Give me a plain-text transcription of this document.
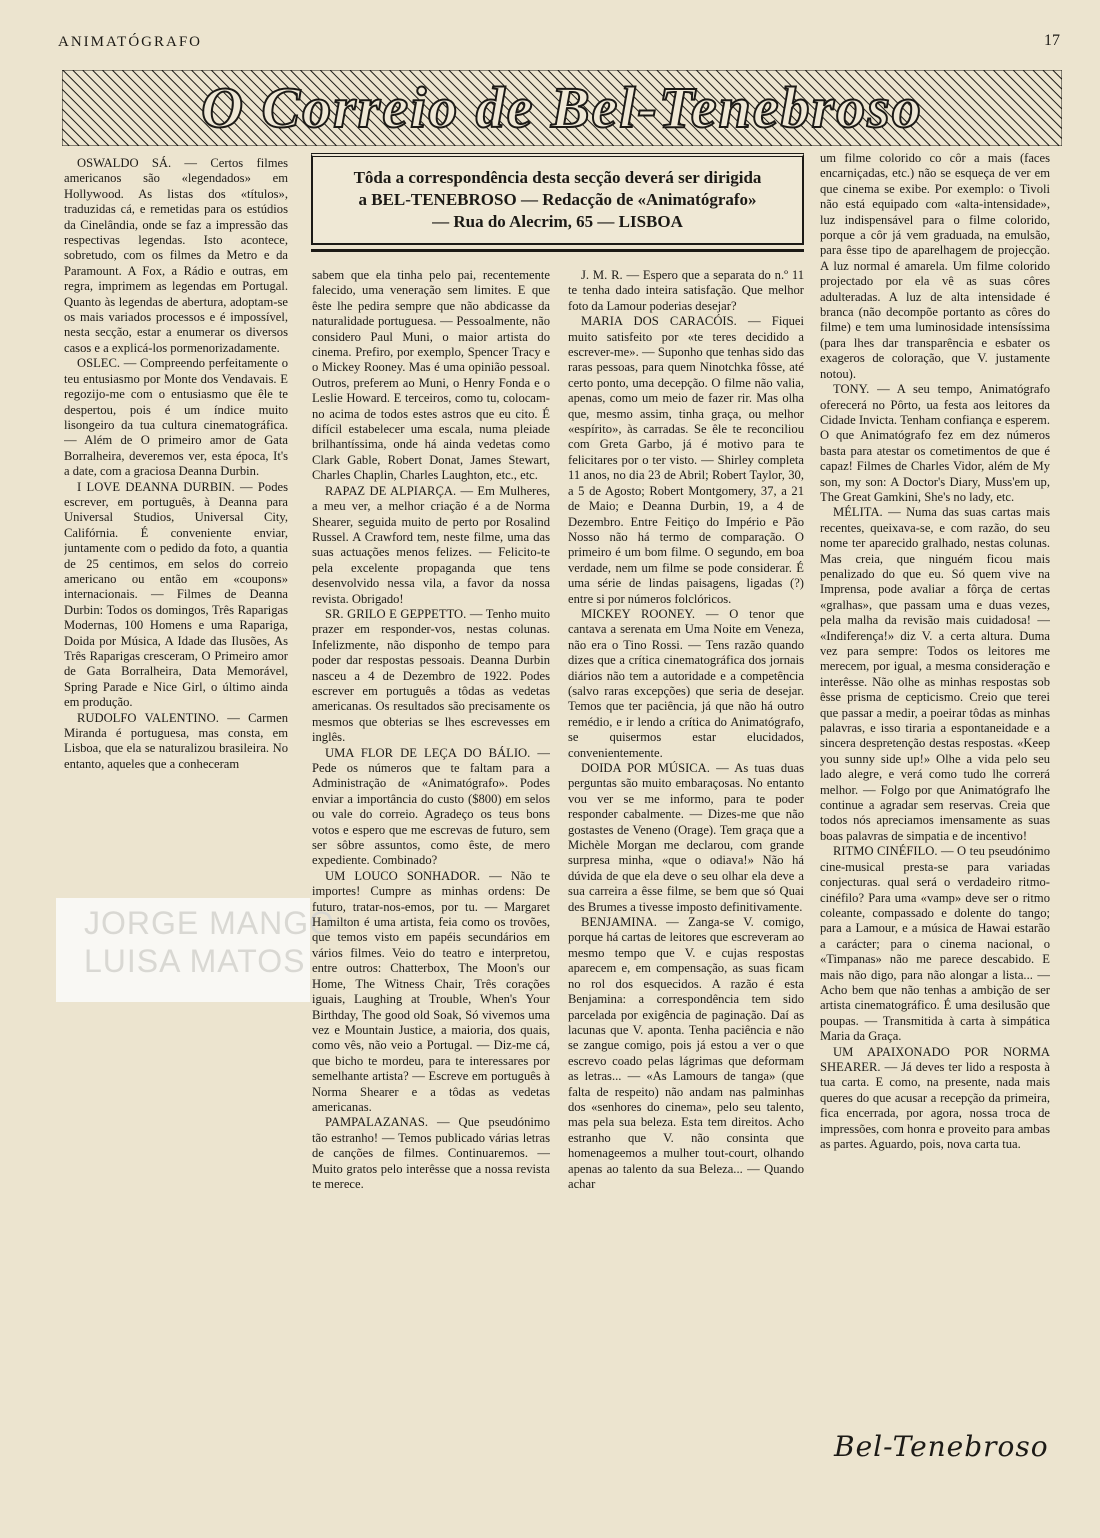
ANIMATÓGRAFO	17
O Correio de Bel-Tenebroso
Tôda a correspondência desta secção deverá ser dirigida
a BEL-TENEBROSO — Redacção de «Animatógrafo»
— Rua do Alecrim, 65 — LISBOA

OSWALDO SÁ. — Certos filmes americanos são «legendados» em Hollywood. As listas dos «títulos», traduzidas cá, e remetidas para os estúdios da Cinelândia, onde se faz a impressão das respectivas legendas. Isto acontece, sobretudo, com os filmes da Metro e da Paramount. A Fox, a Rádio e outras, em regra, imprimem as legendas em Portugal. Quanto às legendas de abertura, adoptam-se os mais variados processos e é impossível, nesta secção, estar a enumerar os diversos casos e a explicá-los pormenorizadamente.

OSLEC. — Compreendo perfeitamente o teu entusiasmo por Monte dos Vendavais. E regozijo-me com o entusiasmo que êle te despertou, pois é um índice muito lisongeiro da tua cultura cinematográfica. — Além de O primeiro amor de Gata Borralheira, deveremos ver, esta época, It's a date, com a graciosa Deanna Durbin.

I LOVE DEANNA DURBIN. — Podes escrever, em português, à Deanna para Universal Studios, Universal City, Califórnia. É conveniente enviar, juntamente com o pedido da foto, a quantia de 25 centimos, em selos do correio americano ou então em «coupons» internacionais. — Filmes de Deanna Durbin: Todos os domingos, Três Raparigas Modernas, 100 Homens e uma Rapariga, Doida por Música, A Idade das Ilusões, As Três Raparigas cresceram, O Primeiro amor de Gata Borralheira, Data Memorável, Spring Parade e Nice Girl, o último ainda em produção.

RUDOLFO VALENTINO. — Carmen Miranda é portuguesa, mas consta, em Lisboa, que ela se naturalizou brasileira. No entanto, aqueles que a conheceram

JORGE MANGO
LUISA MATOS

sabem que ela tinha pelo pai, recentemente falecido, uma veneração sem limites. E que êste lhe pedira sempre que não abdicasse da naturalidade portuguesa. — Pessoalmente, não considero Paul Muni, o maior artista do cinema. Prefiro, por exemplo, Spencer Tracy e o Mickey Rooney. Mas é uma opinião pessoal. Outros, preferem ao Muni, o Henry Fonda e o Leslie Howard. E terceiros, como tu, colocam-no acima de todos estes astros que eu cito. É difícil estabelecer uma escala, numa pleiade brilhantíssima, onde há ainda vedetas como Clark Gable, Robert Donat, James Stewart, Charles Chaplin, Charles Laughton, etc., etc.

RAPAZ DE ALPIARÇA. — Em Mulheres, a meu ver, a melhor criação é a de Norma Shearer, seguida muito de perto por Rosalind Russel. A Crawford tem, neste filme, uma das suas actuações menos felizes. — Felicito-te pela excelente propaganda que tens desenvolvido nessa vila, a favor da nossa revista. Obrigado!

SR. GRILO E GEPPETTO. — Tenho muito prazer em responder-vos, nestas colunas. Infelizmente, não disponho de tempo para poder dar respostas pessoais. Deanna Durbin nasceu a 4 de Dezembro de 1922. Podes escrever em português a tôdas as vedetas americanas. Os resultados são precisamente os mesmos que obterias se lhes escrevesses em inglês.

UMA FLOR DE LEÇA DO BÁLIO. — Pede os números que te faltam para a Administração de «Animatógrafo». Podes enviar a importância do custo ($800) em selos ou vale do correio. Agradeço os teus bons votos e espero que me escrevas de futuro, sem ser sôbre assuntos, como êste, de mero expediente. Combinado?

UM LOUCO SONHADOR. — Não te importes! Cumpre as minhas ordens: De futuro, tratar-nos-emos, por tu. — Margaret Hamilton é uma artista, feia como os trovões, que temos visto em papéis secundários em vários filmes. Veio do teatro e interpretou, entre outros: Chatterbox, The Moon's our Home, The Witness Chair, Três corações iguais, Laughing at Trouble, When's Your Birthday, The good old Soak, Só vivemos uma vez e Mountain Justice, a maioria, dos quais, como vês, não veio a Portugal. — Diz-me cá, que bicho te mordeu, para te interessares por semelhante artista? — Escreve em português à Norma Shearer e a tôdas as vedetas americanas.

PAMPALAZANAS. — Que pseudónimo tão estranho! — Temos publicado várias letras de canções de filmes. Continuaremos. — Muito gratos pelo interêsse que a nossa revista te merece.

J. M. R. — Espero que a separata do n.º 11 te tenha dado inteira satisfação. Que melhor foto da Lamour poderias desejar?

MARIA DOS CARACÓIS. — Fiquei muito satisfeito por «te teres decidido a escrever-me». — Suponho que tenhas sido das raras pessoas, para quem Ninotchka fôsse, até certo ponto, uma decepção. O filme não valia, apenas, como um meio de fazer rir. Mas olha que, mesmo assim, tinha graça, ou melhor «espírito», às carradas. Se êle te reconciliou com Greta Garbo, já é motivo para te felicitares por o ter visto. — Shirley completa 11 anos, no dia 23 de Abril; Robert Taylor, 30, a 5 de Agosto; Robert Montgomery, 37, a 21 de Maio; e Deanna Durbin, 19, a 4 de Dezembro. Entre Feitiço do Império e Pão Nosso não há termo de comparação. O primeiro é um bom filme. O segundo, em boa verdade, nem um filme se pode considerar. É uma série de lindas paisagens, ligadas (?) entre si por números folclóricos.

MICKEY ROONEY. — O tenor que cantava a serenata em Uma Noite em Veneza, não era o Tino Rossi. — Tens razão quando dizes que a crítica cinematográfica dos jornais diários não tem a autoridade e a competência (salvo raras excepções) que seria de desejar. Temos que ter paciência, já que não há outro remédio, e ir lendo a crítica do Animatógrafo, se quisermos estar elucidados, convenientemente.

DOIDA POR MÚSICA. — As tuas duas perguntas são muito embaraçosas. No entanto vou ver se me informo, para te poder responder cabalmente. — Dizes-me que não gostastes de Veneno (Orage). Tem graça que a Michèle Morgan me declarou, com grande surpresa minha, «que o odiava!» Não há dúvida de que ela deve o seu olhar ela deve a sua carreira a êsse filme, se bem que só Quai des Brumes a tivesse imposto definitivamente.

BENJAMINA. — Zanga-se V. comigo, porque há cartas de leitores que escreveram ao mesmo tempo que V. e cujas respostas aparecem e, em compensação, as suas ficam no rol dos esquecidos. A razão é esta Benjamina: a correspondência tem sido parcelada por exigência de paginação. Daí as lacunas que V. aponta. Tenha paciência e não se zangue comigo, pois já estou a ver o que escrevo coado pelas lágrimas que deformam as letras... — «As Lamours de tanga» (que falta de respeito) não andam nas palminhas dos «senhores do cinema», pelo seu talento, mas pela sua beleza. Esta tem direitos. Acho estranho que V. não consinta que homenageemos a mulher tout-court, olhando apenas ao talento da sua Beleza... — Quando achar

um filme colorido co côr a mais (faces encarniçadas, etc.) não se esqueça de ver em que cinema se exibe. Por exemplo: o Tivoli não está equipado com «alta-intensidade», luz indispensável para o filme colorido, porque a côr já vem graduada, na emulsão, para êsse tipo de aparelhagem de projecção. A luz normal é amarela. Um filme colorido projectado por ela vê as suas côres adulteradas. A luz de alta intensidade é branca (não decompõe portanto as côres do filme) e tem uma luminosidade intensíssima (para lhes dar transparência e esbater os exageros de coloração, que V. justamente notou).

TONY. — A seu tempo, Animatógrafo oferecerá no Pôrto, ua festa aos leitores da Cidade Invicta. Tenham confiança e esperem. O que Animatógrafo fez em dez números basta para atestar os cometimentos de que é capaz! Filmes de Charles Vidor, além de My son, my son: A Doctor's Diary, Muss'em up, The Great Gamkini, She's no lady, etc.

MÉLITA. — Numa das suas cartas mais recentes, queixava-se, e com razão, do seu nome ter aparecido gralhado, nestas colunas. Mas creia, que ninguém ficou mais penalizado do que eu. Só quem vive na Imprensa, pode avaliar a fôrça de certas «gralhas», que passam uma e duas vezes, pela malha da revisão mais cuidadosa! — «Indiferença!» diz V. a certa altura. Duma vez para sempre: Todos os leitores me merecem, por igual, a mesma consideração e interêsse. Não olhe as minhas respostas sob êsse prisma de cepticismo. Creio que terei que passar a medir, a poeirar tôdas as minhas palavras, e isso tiraria a espontaneidade e a sincera despretenção destas respostas. «Keep you sunny side up!» Olhe a vida pelo seu lado alegre, e verá como tudo lhe correrá melhor. — Folgo por que Animatógrafo lhe continue a agradar sem reservas. Creia que todos nós apreciamos imensamente as suas boas palavras de simpatia e de incentivo!

RITMO CINÉFILO. — O teu pseudónimo cine-musical presta-se para variadas conjecturas. qual será o verdadeiro ritmo-cinéfilo? Para uma «vamp» deve ser o ritmo coleante, compassado e dolente do tango; para a Lamour, e a música de Hawai estarão a carácter; para o cinema nacional, o «Timpanas» não me parece descabido. E mais não digo, para não alongar a lista... — Acho bem que não tenhas a ambição de ser artista cinematográfico. É uma desilusão que poupas. — Transmitida à carta à simpática Maria da Graça.

UM APAIXONADO POR NORMA SHEARER. — Já deves ter lido a resposta à tua carta. E como, na presente, nada mais queres do que acusar a recepção da primeira, fica encerrada, por agora, nossa troca de impressões, com honra e proveito para ambas as partes. Aguardo, pois, nova carta tua.

Bel-Tenebroso
